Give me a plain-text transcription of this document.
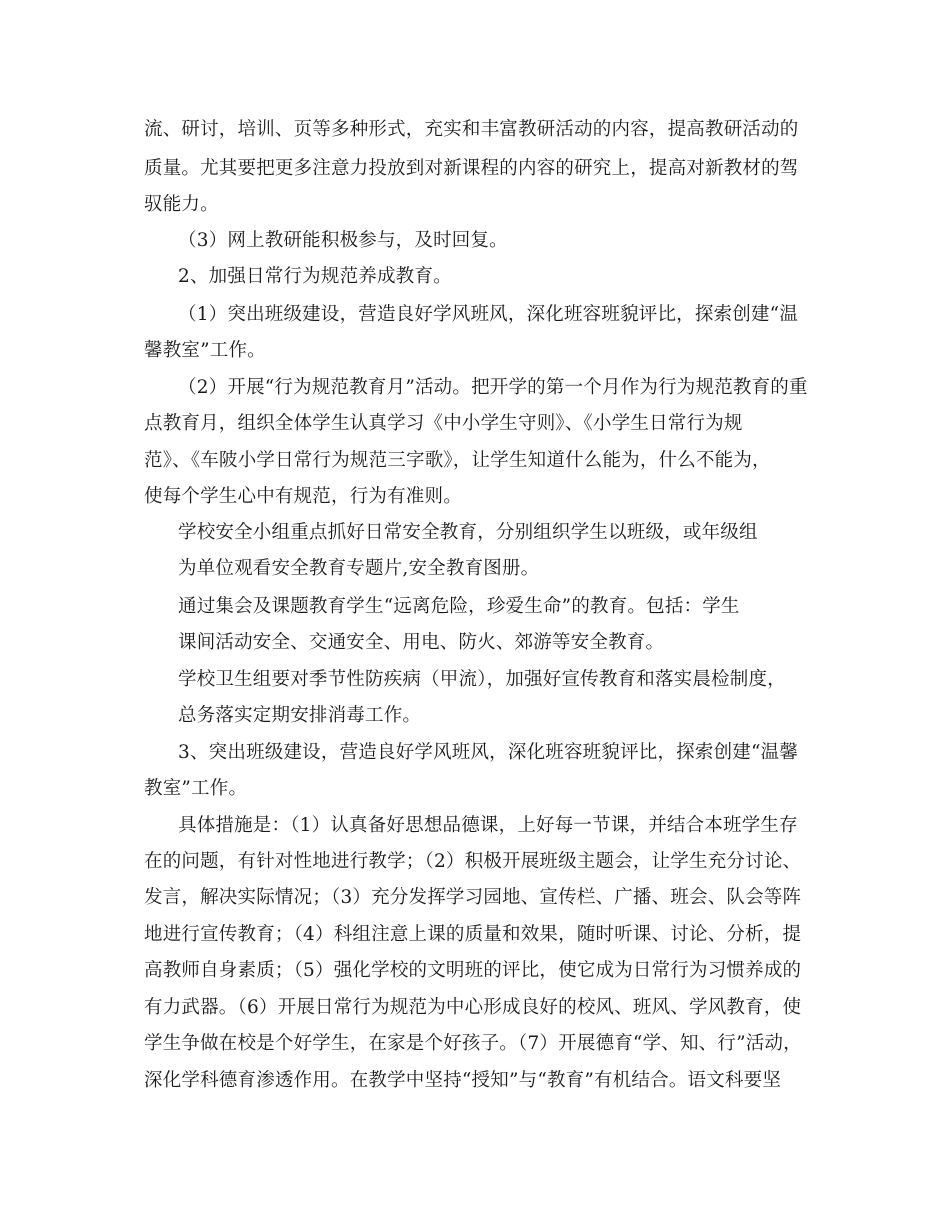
流、研讨，培训、页等多种形式，充实和丰富教研活动的内容，提高教研活动的
质量。尤其要把更多注意力投放到对新课程的内容的研究上，提高对新教材的驾
驭能力。
（3）网上教研能积极参与，及时回复。
2、加强日常行为规范养成教育。
（1）突出班级建设，营造良好学风班风，深化班容班貌评比，探索创建“温
馨教室”工作。
（2）开展“行为规范教育月”活动。把开学的第一个月作为行为规范教育的重
点教育月，组织全体学生认真学习《中小学生守则》、《小学生日常行为规
范》、《车陂小学日常行为规范三字歌》，让学生知道什么能为，什么不能为，
使每个学生心中有规范，行为有准则。
学校安全小组重点抓好日常安全教育，分别组织学生以班级，或年级组
为单位观看安全教育专题片,安全教育图册。
通过集会及课题教育学生“远离危险，珍爱生命”的教育。包括：学生
课间活动安全、交通安全、用电、防火、郊游等安全教育。
学校卫生组要对季节性防疾病（甲流），加强好宣传教育和落实晨检制度，
总务落实定期安排消毒工作。
3、突出班级建设，营造良好学风班风，深化班容班貌评比，探索创建“温馨
教室”工作。
具体措施是：（1）认真备好思想品德课，上好每一节课，并结合本班学生存
在的问题，有针对性地进行教学；（2）积极开展班级主题会，让学生充分讨论、
发言，解决实际情况；（3）充分发挥学习园地、宣传栏、广播、班会、队会等阵
地进行宣传教育；（4）科组注意上课的质量和效果，随时听课、讨论、分析，提
高教师自身素质；（5）强化学校的文明班的评比，使它成为日常行为习惯养成的
有力武器。（6）开展日常行为规范为中心形成良好的校风、班风、学风教育，使
学生争做在校是个好学生，在家是个好孩子。（7）开展德育“学、知、行”活动，
深化学科德育渗透作用。在教学中坚持“授知”与“教育”有机结合。语文科要坚
